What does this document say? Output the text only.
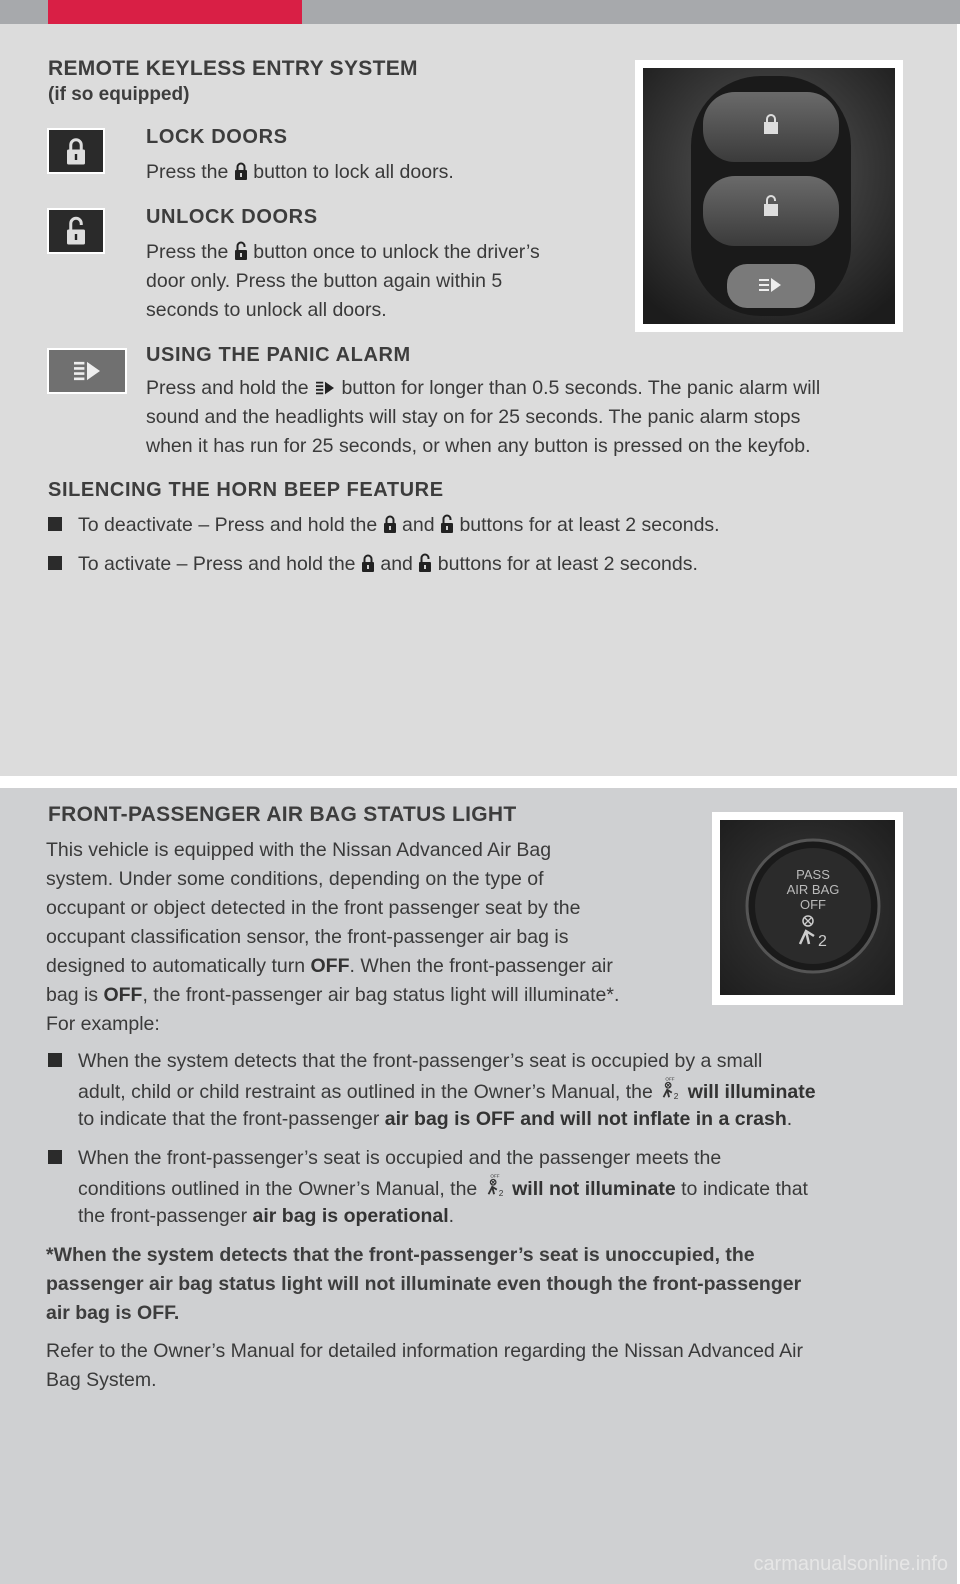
REMOTE KEYLESS ENTRY SYSTEM
(if so equipped)
LOCK DOORS
Press the button to lock all doors.
UNLOCK DOORS
Press the button once to unlock the driver’s
door only. Press the button again within 5
seconds to unlock all doors.
USING THE PANIC ALARM
Press and hold the button for longer than 0.5 seconds. The panic alarm will
sound and the headlights will stay on for 25 seconds. The panic alarm stops
when it has run for 25 seconds, or when any button is pressed on the keyfob.
SILENCING THE HORN BEEP FEATURE
To deactivate – Press and hold the and buttons for at least 2 seconds.
To activate – Press and hold the and buttons for at least 2 seconds.
FRONT-PASSENGER AIR BAG STATUS LIGHT
PASS
AIR BAG
OFF
2
This vehicle is equipped with the Nissan Advanced Air Bag
system. Under some conditions, depending on the type of
occupant or object detected in the front passenger seat by the
occupant classification sensor, the front-passenger air bag is
designed to automatically turn OFF. When the front-passenger air
bag is OFF, the front-passenger air bag status light will illuminate*.
For example:
When the system detects that the front-passenger’s seat is occupied by a small
adult, child or child restraint as outlined in the Owner’s Manual, the will illuminate
to indicate that the front-passenger air bag is OFF and will not inflate in a crash.
When the front-passenger’s seat is occupied and the passenger meets the
conditions outlined in the Owner’s Manual, the will not illuminate to indicate that
the front-passenger air bag is operational.
*When the system detects that the front-passenger’s seat is unoccupied, the
passenger air bag status light will not illuminate even though the front-passenger
air bag is OFF.
Refer to the Owner’s Manual for detailed information regarding the Nissan Advanced Air
Bag System.
carmanualsonline.info
